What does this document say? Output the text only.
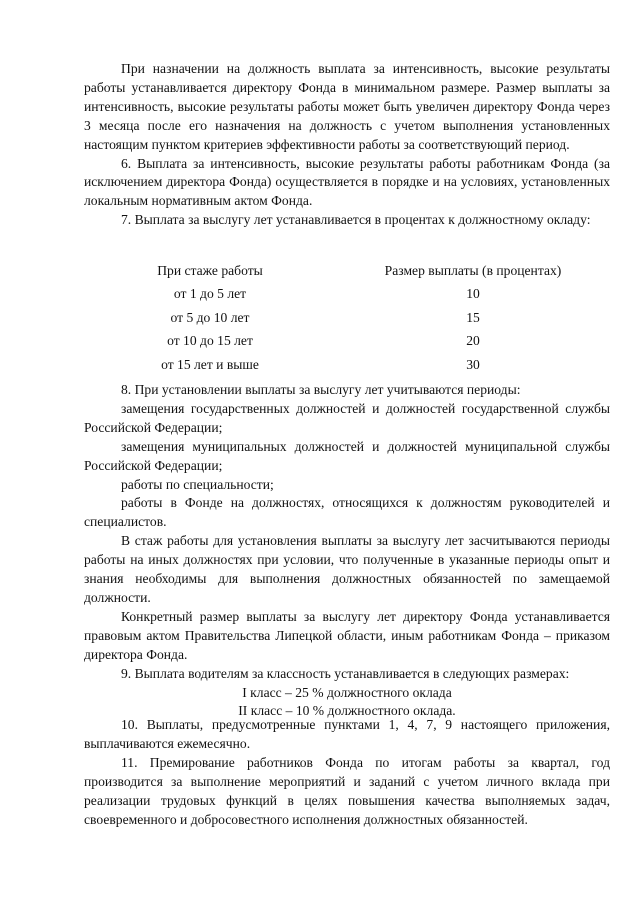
При назначении на должность выплата за интенсивность, высокие результаты работы устанавливается директору Фонда в минимальном размере. Размер выплаты за интенсивность, высокие результаты работы может быть увеличен директору Фонда через 3 месяца после его назначения на должность с учетом выполнения установленных настоящим пунктом критериев эффективности работы за соответствующий период.

6. Выплата за интенсивность, высокие результаты работы работникам Фонда (за исключением директора Фонда) осуществляется в порядке и на условиях, установленных локальным нормативным актом Фонда.

7. Выплата за выслугу лет устанавливается в процентах к должностному окладу:

При стаже работы	Размер выплаты (в процентах)
от 1 до 5 лет	10
от 5 до 10 лет	15
от 10 до 15 лет	20
от 15 лет и выше	30

8. При установлении выплаты за выслугу лет учитываются периоды:

замещения государственных должностей и должностей государственной службы Российской Федерации;

замещения муниципальных должностей и должностей муниципальной службы Российской Федерации;

работы по специальности;

работы в Фонде на должностях, относящихся к должностям руководителей и специалистов.

В стаж работы для установления выплаты за выслугу лет засчитываются периоды работы на иных должностях при условии, что полученные в указанные периоды опыт и знания необходимы для выполнения должностных обязанностей по замещаемой должности.

Конкретный размер выплаты за выслугу лет директору Фонда устанавливается правовым актом Правительства Липецкой области, иным работникам Фонда – приказом директора Фонда.

9. Выплата водителям за классность устанавливается в следующих размерах:

I класс – 25 % должностного оклада

II класс – 10 % должностного оклада.

10. Выплаты, предусмотренные пунктами 1, 4, 7, 9 настоящего приложения, выплачиваются ежемесячно.

11. Премирование работников Фонда по итогам работы за квартал, год производится за выполнение мероприятий и заданий с учетом личного вклада при реализации трудовых функций в целях повышения качества выполняемых задач, своевременного и добросовестного исполнения должностных обязанностей.
